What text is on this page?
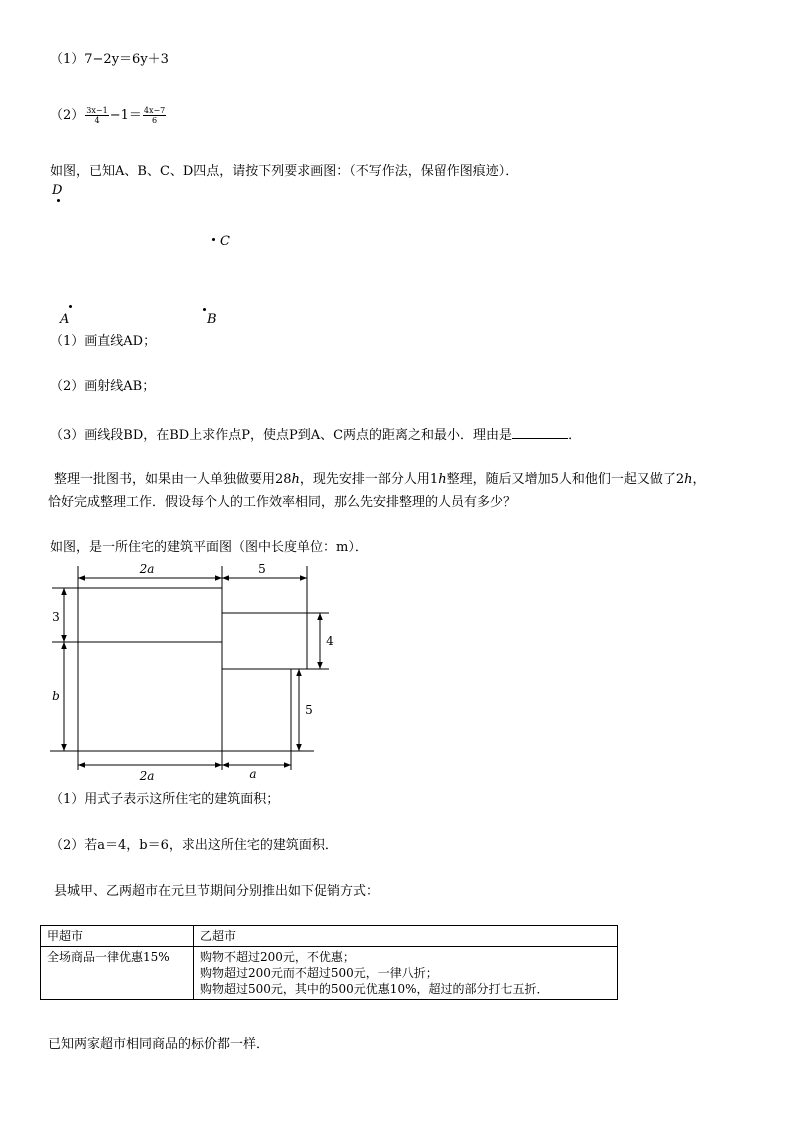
（1）7−2y＝6y＋3
$(2) \frac{3x-1}{4} -1= \frac{4x-7}{6}$
如图，已知A、B、C、D四点，请按下列要求画图：（不写作法，保留作图痕迹）．
D
C
A	B
（1）画直线AD；
（2）画射线AB；
（3）画线段BD，在BD上求作点P，使点P到A、C两点的距离之和最小．理由是	．
整理一批图书，如果由一人单独做要用28h，现先安排一部分人用1h整理，随后又增加5人和他们一起又做了2h，
恰好完成整理工作．假设每个人的工作效率相同，那么先安排整理的人员有多少？
如图，是一所住宅的建筑平面图（图中长度单位：m）．
2a	5
3
b
4
5
2a	a
（1）用式子表示这所住宅的建筑面积；
（2）若a＝4，b＝6，求出这所住宅的建筑面积．
县城甲、乙两超市在元旦节期间分别推出如下促销方式：
甲超市	乙超市
全场商品一律优惠15%	购物不超过200元，不优惠；
购物超过200元而不超过500元，一律八折；
购物超过500元，其中的500元优惠10%，超过的部分打七五折．
已知两家超市相同商品的标价都一样．
